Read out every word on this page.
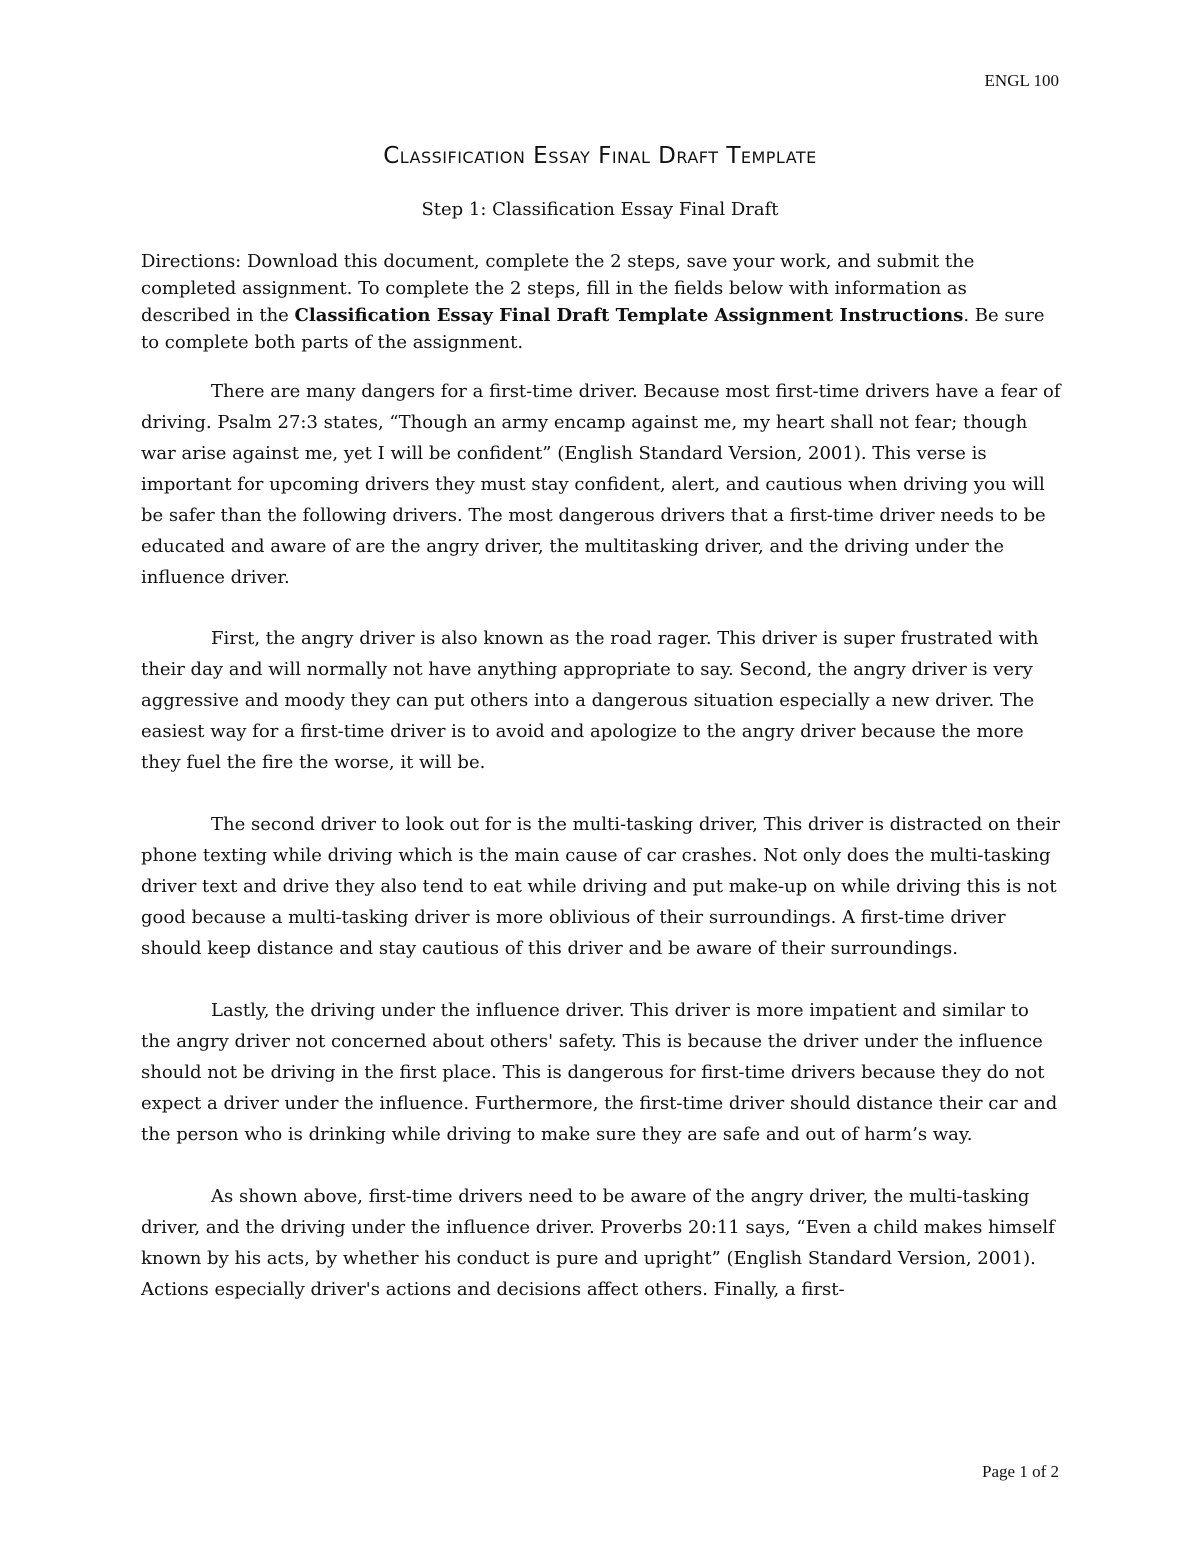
ENGL 100
Classification Essay Final Draft Template
Step 1: Classification Essay Final Draft
Directions: Download this document, complete the 2 steps, save your work, and submit the completed assignment. To complete the 2 steps, fill in the fields below with information as described in the Classification Essay Final Draft Template Assignment Instructions. Be sure to complete both parts of the assignment.

There are many dangers for a first-time driver. Because most first-time drivers have a fear of driving. Psalm 27:3 states, “Though an army encamp against me, my heart shall not fear; though war arise against me, yet I will be confident” (English Standard Version, 2001). This verse is important for upcoming drivers they must stay confident, alert, and cautious when driving you will be safer than the following drivers. The most dangerous drivers that a first-time driver needs to be educated and aware of are the angry driver, the multitasking driver, and the driving under the influence driver.

First, the angry driver is also known as the road rager. This driver is super frustrated with their day and will normally not have anything appropriate to say. Second, the angry driver is very aggressive and moody they can put others into a dangerous situation especially a new driver. The easiest way for a first-time driver is to avoid and apologize to the angry driver because the more they fuel the fire the worse, it will be.

The second driver to look out for is the multi-tasking driver, This driver is distracted on their phone texting while driving which is the main cause of car crashes. Not only does the multi-tasking driver text and drive they also tend to eat while driving and put make-up on while driving this is not good because a multi-tasking driver is more oblivious of their surroundings. A first-time driver should keep distance and stay cautious of this driver and be aware of their surroundings.

Lastly, the driving under the influence driver. This driver is more impatient and similar to the angry driver not concerned about others' safety. This is because the driver under the influence should not be driving in the first place. This is dangerous for first-time drivers because they do not expect a driver under the influence. Furthermore, the first-time driver should distance their car and the person who is drinking while driving to make sure they are safe and out of harm’s way.

As shown above, first-time drivers need to be aware of the angry driver, the multi-tasking driver, and the driving under the influence driver. Proverbs 20:11 says, “Even a child makes himself known by his acts, by whether his conduct is pure and upright” (English Standard Version, 2001). Actions especially driver's actions and decisions affect others. Finally, a first-

Page 1 of 2
